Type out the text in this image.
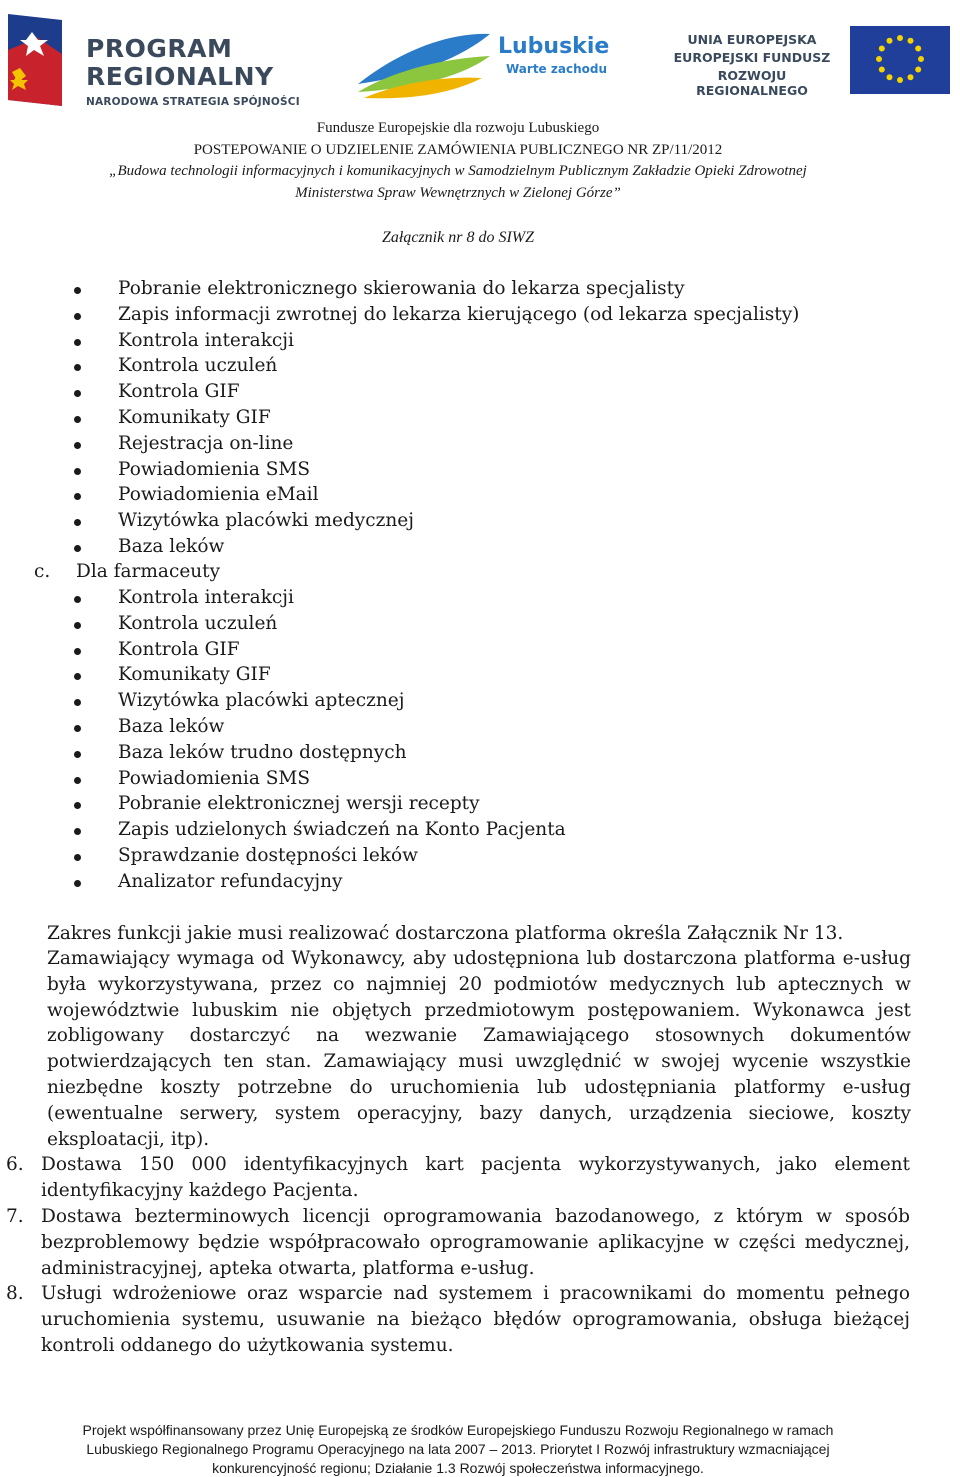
PROGRAM
REGIONALNY
NARODOWA STRATEGIA SPÓJNOŚCI
Lubuskie
Warte zachodu
UNIA EUROPEJSKA
EUROPEJSKI FUNDUSZ
ROZWOJU REGIONALNEGO
Fundusze Europejskie dla rozwoju Lubuskiego
POSTEPOWANIE O UDZIELENIE ZAMÓWIENIA PUBLICZNEGO NR ZP/11/2012
„Budowa technologii informacyjnych i komunikacyjnych w Samodzielnym Publicznym Zakładzie Opieki Zdrowotnej
Ministerstwa Spraw Wewnętrznych w Zielonej Górze”
Załącznik nr 8 do SIWZ
Pobranie elektronicznego skierowania do lekarza specjalisty
Zapis informacji zwrotnej do lekarza kierującego (od lekarza specjalisty)
Kontrola interakcji
Kontrola uczuleń
Kontrola GIF
Komunikaty GIF
Rejestracja on-line
Powiadomienia SMS
Powiadomienia eMail
Wizytówka placówki medycznej
Baza leków
c. Dla farmaceuty
Kontrola interakcji
Kontrola uczuleń
Kontrola GIF
Komunikaty GIF
Wizytówka placówki aptecznej
Baza leków
Baza leków trudno dostępnych
Powiadomienia SMS
Pobranie elektronicznej wersji recepty
Zapis udzielonych świadczeń na Konto Pacjenta
Sprawdzanie dostępności leków
Analizator refundacyjny
Zakres funkcji jakie musi realizować dostarczona platforma określa Załącznik Nr 13.
Zamawiający wymaga od Wykonawcy, aby udostępniona lub dostarczona platforma e-usług była wykorzystywana, przez co najmniej 20 podmiotów medycznych lub aptecznych w województwie lubuskim nie objętych przedmiotowym postępowaniem. Wykonawca jest zobligowany dostarczyć na wezwanie Zamawiającego stosownych dokumentów potwierdzających ten stan. Zamawiający musi uwzględnić w swojej wycenie wszystkie niezbędne koszty potrzebne do uruchomienia lub udostępniania platformy e-usług (ewentualne serwery, system operacyjny, bazy danych, urządzenia sieciowe, koszty eksploatacji, itp).
6. Dostawa 150 000 identyfikacyjnych kart pacjenta wykorzystywanych, jako element identyfikacyjny każdego Pacjenta.
7. Dostawa bezterminowych licencji oprogramowania bazodanowego, z którym w sposób bezproblemowy będzie współpracowało oprogramowanie aplikacyjne w części medycznej, administracyjnej, apteka otwarta, platforma e-usług.
8. Usługi wdrożeniowe oraz wsparcie nad systemem i pracownikami do momentu pełnego uruchomienia systemu, usuwanie na bieżąco błędów oprogramowania, obsługa bieżącej kontroli oddanego do użytkowania systemu.
Projekt współfinansowany przez Unię Europejską ze środków Europejskiego Funduszu Rozwoju Regionalnego w ramach
Lubuskiego Regionalnego Programu Operacyjnego na lata 2007 – 2013. Priorytet I Rozwój infrastruktury wzmacniającej
konkurencyjność regionu; Działanie 1.3 Rozwój społeczeństwa informacyjnego.
